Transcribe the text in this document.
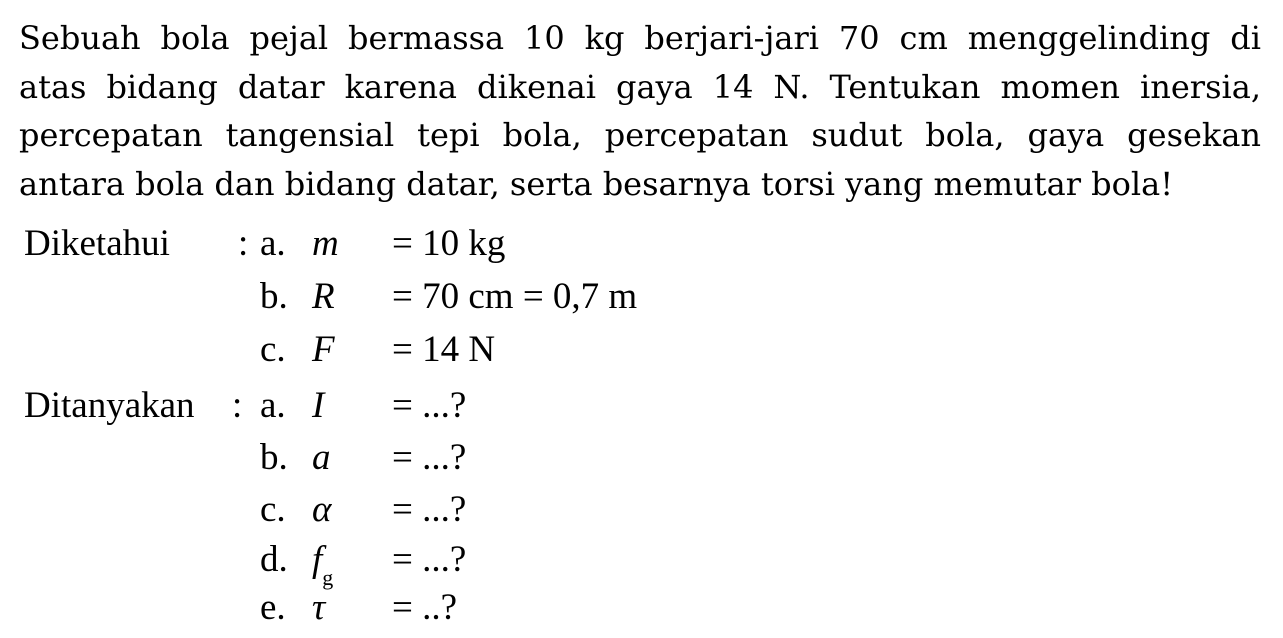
Sebuah bola pejal bermassa 10 kg berjari-jari 70 cm menggelinding di
atas bidang datar karena dikenai gaya 14 N. Tentukan momen inersia,
percepatan tangensial tepi bola, percepatan sudut bola, gaya gesekan
antara bola dan bidang datar, serta besarnya torsi yang memutar bola!
Diketahui : a. m = 10 kg
b. R = 70 cm = 0,7 m
c. F = 14 N
Ditanyakan : a. I = ...?
b. a = ...?
c. α = ...?
d. $f_g$ = ...?
e. τ = ..?
